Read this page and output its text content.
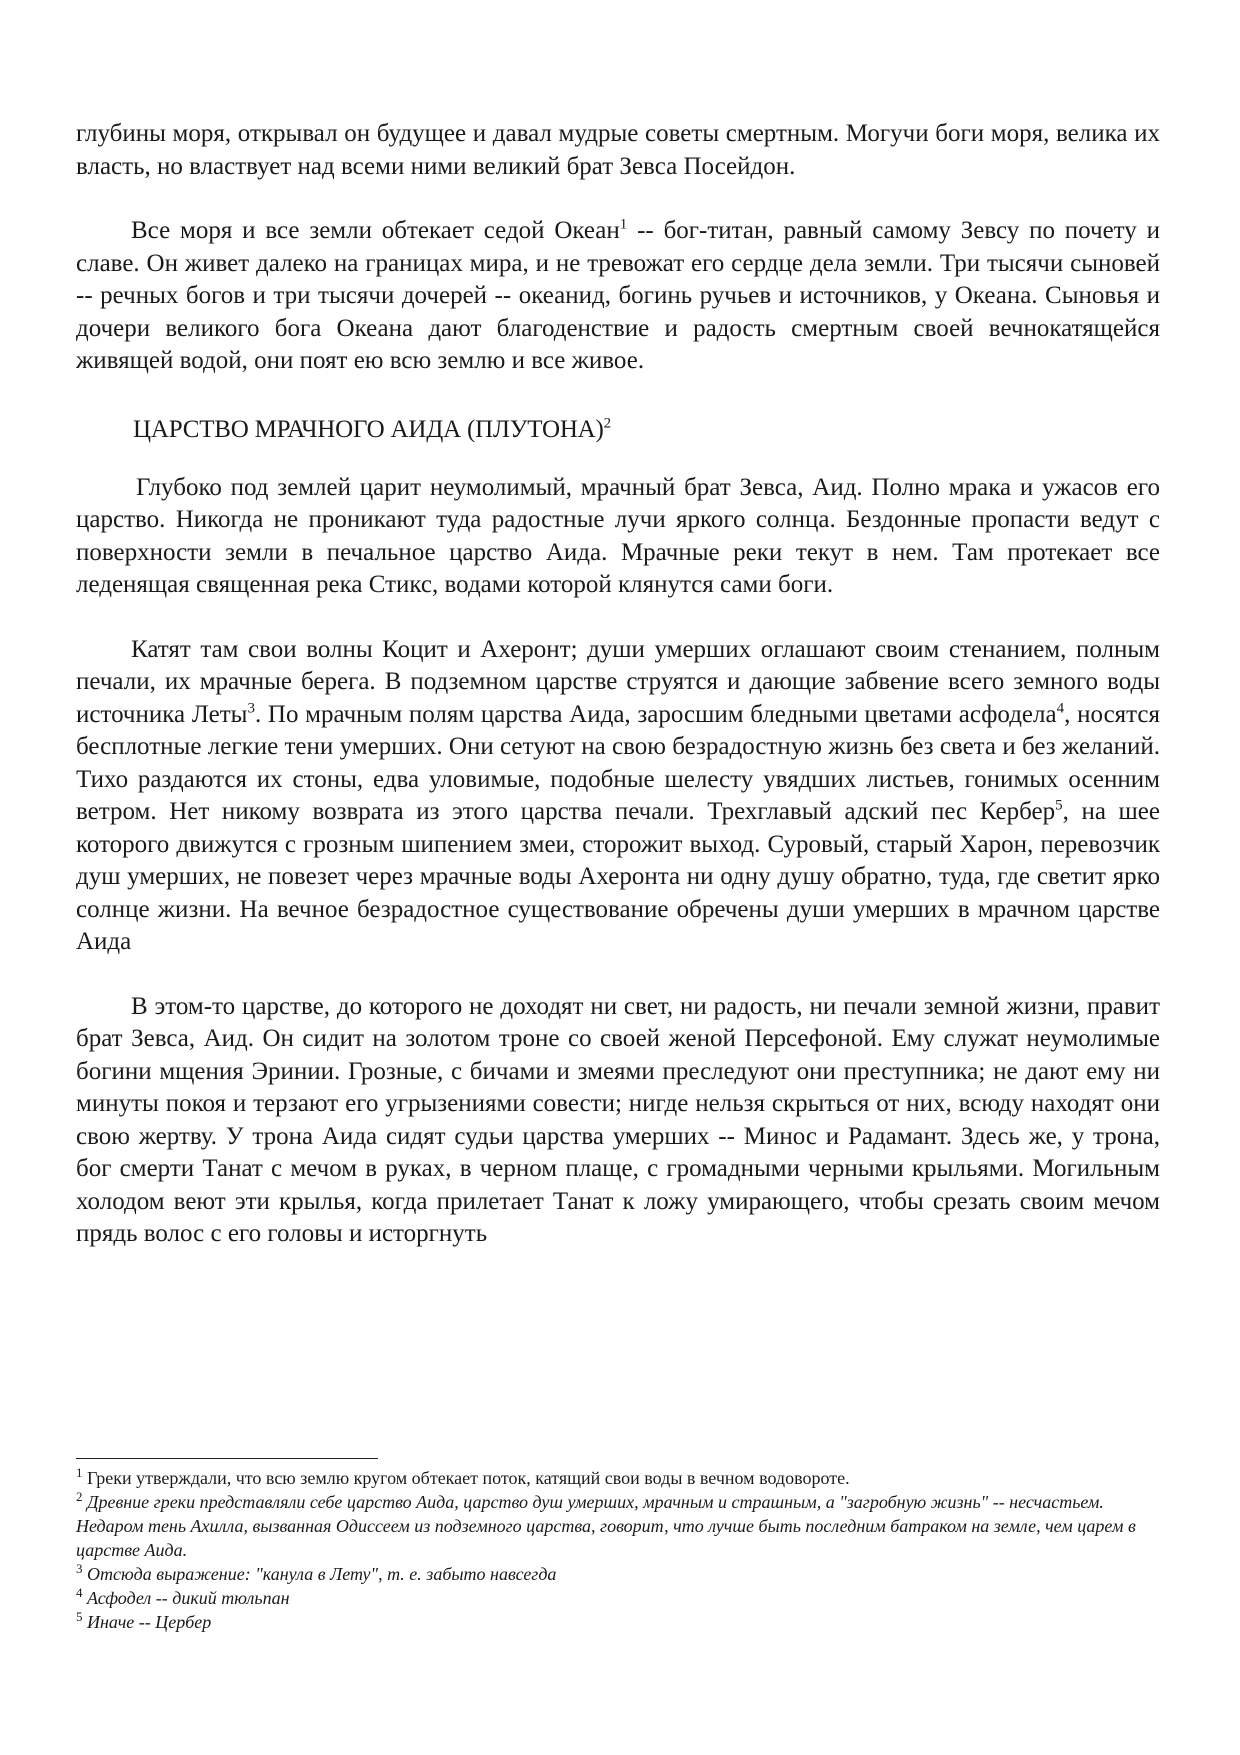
глубины моря, открывал он будущее и давал мудрые советы смертным. Могучи боги моря, велика их власть, но властвует над всеми ними великий брат Зевса Посейдон.

Все моря и все земли обтекает седой Океан$^1$ -- бог-титан, равный самому Зевсу по почету и славе. Он живет далеко на границах мира, и не тревожат его сердце дела земли. Три тысячи сыновей -- речных богов и три тысячи дочерей -- океанид, богинь ручьев и источников, у Океана. Сыновья и дочери великого бога Океана дают благоденствие и радость смертным своей вечнокатящейся живящей водой, они поят ею всю землю и все живое.

ЦАРСТВО МРАЧНОГО АИДА (ПЛУТОНА)$^2$

Глубоко под землей царит неумолимый, мрачный брат Зевса, Аид. Полно мрака и ужасов его царство. Никогда не проникают туда радостные лучи яркого солнца. Бездонные пропасти ведут с поверхности земли в печальное царство Аида. Мрачные реки текут в нем. Там протекает все леденящая священная река Стикс, водами которой клянутся сами боги.

Катят там свои волны Коцит и Ахеронт; души умерших оглашают своим стенанием, полным печали, их мрачные берега. В подземном царстве струятся и дающие забвение всего земного воды источника Леты$^3$. По мрачным полям царства Аида, заросшим бледными цветами асфодела$^4$, носятся бесплотные легкие тени умерших. Они сетуют на свою безрадостную жизнь без света и без желаний. Тихо раздаются их стоны, едва уловимые, подобные шелесту увядших листьев, гонимых осенним ветром. Нет никому возврата из этого царства печали. Трехглавый адский пес Кербер$^5$, на шее которого движутся с грозным шипением змеи, сторожит выход. Суровый, старый Харон, перевозчик душ умерших, не повезет через мрачные воды Ахеронта ни одну душу обратно, туда, где светит ярко солнце жизни. На вечное безрадостное существование обречены души умерших в мрачном царстве Аида

В этом-то царстве, до которого не доходят ни свет, ни радость, ни печали земной жизни, правит брат Зевса, Аид. Он сидит на золотом троне со своей женой Персефоной. Ему служат неумолимые богини мщения Эринии. Грозные, с бичами и змеями преследуют они преступника; не дают ему ни минуты покоя и терзают его угрызениями совести; нигде нельзя скрыться от них, всюду находят они свою жертву. У трона Аида сидят судьи царства умерших -- Минос и Радамант. Здесь же, у трона, бог смерти Танат с мечом в руках, в черном плаще, с громадными черными крыльями. Могильным холодом веют эти крылья, когда прилетает Танат к ложу умирающего, чтобы срезать своим мечом прядь волос с его головы и исторгнуть

$^1$ Греки утверждали, что всю землю кругом обтекает поток, катящий свои воды в вечном водовороте.

$^2$ Древние греки представляли себе царство Аида, царство душ умерших, мрачным и страшным, а "загробную жизнь" -- несчастьем. Недаром тень Ахилла, вызванная Одиссеем из подземного царства, говорит, что лучше быть последним батраком на земле, чем царем в царстве Аида.

$^3$ Отсюда выражение: "канула в Лету", т. е. забыто навсегда

$^4$ Асфодел -- дикий тюльпан

$^5$ Иначе -- Цербер
